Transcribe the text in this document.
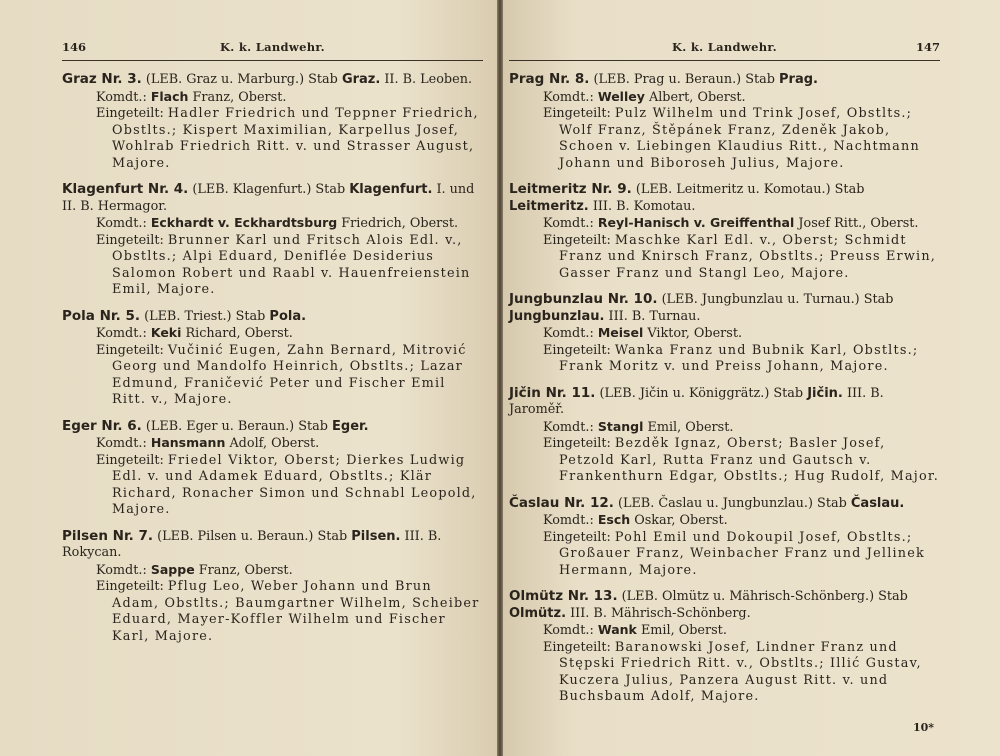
146	K. k. Landwehr.

Graz Nr. 3. (LEB. Graz u. Marburg.) Stab Graz. II. B. Leoben.

Komdt.: Flach Franz, Oberst.

Eingeteilt: Hadler Friedrich und Teppner Friedrich, Obstlts.; Kispert Maximilian, Karpellus Josef, Wohlrab Friedrich Ritt. v. und Strasser August, Majore.

Klagenfurt Nr. 4. (LEB. Klagenfurt.) Stab Klagenfurt. I. und II. B. Hermagor.

Komdt.: Eckhardt v. Eckhardtsburg Friedrich, Oberst.

Eingeteilt: Brunner Karl und Fritsch Alois Edl. v., Obstlts.; Alpi Eduard, Deniflée Desiderius Salomon Robert und Raabl v. Hauenfreienstein Emil, Majore.

Pola Nr. 5. (LEB. Triest.) Stab Pola.

Komdt.: Keki Richard, Oberst.

Eingeteilt: Vučinić Eugen, Zahn Bernard, Mitrović Georg und Mandolfo Heinrich, Obstlts.; Lazar Edmund, Franičević Peter und Fischer Emil Ritt. v., Majore.

Eger Nr. 6. (LEB. Eger u. Beraun.) Stab Eger.

Komdt.: Hansmann Adolf, Oberst.

Eingeteilt: Friedel Viktor, Oberst; Dierkes Ludwig Edl. v. und Adamek Eduard, Obstlts.; Klär Richard, Ronacher Simon und Schnabl Leopold, Majore.

Pilsen Nr. 7. (LEB. Pilsen u. Beraun.) Stab Pilsen. III. B. Rokycan.

Komdt.: Sappe Franz, Oberst.

Eingeteilt: Pflug Leo, Weber Johann und Brun Adam, Obstlts.; Baumgartner Wilhelm, Scheiber Eduard, Mayer-Koffler Wilhelm und Fischer Karl, Majore.

K. k. Landwehr.	147

Prag Nr. 8. (LEB. Prag u. Beraun.) Stab Prag.

Komdt.: Welley Albert, Oberst.

Eingeteilt: Pulz Wilhelm und Trink Josef, Obstlts.; Wolf Franz, Štěpánek Franz, Zdeněk Jakob, Schoen v. Liebingen Klaudius Ritt., Nachtmann Johann und Biboroseh Julius, Majore.

Leitmeritz Nr. 9. (LEB. Leitmeritz u. Komotau.) Stab Leitmeritz. III. B. Komotau.

Komdt.: Reyl-Hanisch v. Greiffenthal Josef Ritt., Oberst.

Eingeteilt: Maschke Karl Edl. v., Oberst; Schmidt Franz und Knirsch Franz, Obstlts.; Preuss Erwin, Gasser Franz und Stangl Leo, Majore.

Jungbunzlau Nr. 10. (LEB. Jungbunzlau u. Turnau.) Stab Jungbunzlau. III. B. Turnau.

Komdt.: Meisel Viktor, Oberst.

Eingeteilt: Wanka Franz und Bubnik Karl, Obstlts.; Frank Moritz v. und Preiss Johann, Majore.

Jičin Nr. 11. (LEB. Jičin u. Königgrätz.) Stab Jičin. III. B. Jaroměř.

Komdt.: Stangl Emil, Oberst.

Eingeteilt: Bezděk Ignaz, Oberst; Basler Josef, Petzold Karl, Rutta Franz und Gautsch v. Frankenthurn Edgar, Obstlts.; Hug Rudolf, Major.

Časlau Nr. 12. (LEB. Časlau u. Jungbunzlau.) Stab Časlau.

Komdt.: Esch Oskar, Oberst.

Eingeteilt: Pohl Emil und Dokoupil Josef, Obstlts.; Großauer Franz, Weinbacher Franz und Jellinek Hermann, Majore.

Olmütz Nr. 13. (LEB. Olmütz u. Mährisch-Schönberg.) Stab Olmütz. III. B. Mährisch-Schönberg.

Komdt.: Wank Emil, Oberst.

Eingeteilt: Baranowski Josef, Lindner Franz und Stępski Friedrich Ritt. v., Obstlts.; Illić Gustav, Kuczera Julius, Panzera August Ritt. v. und Buchsbaum Adolf, Majore.

10*
